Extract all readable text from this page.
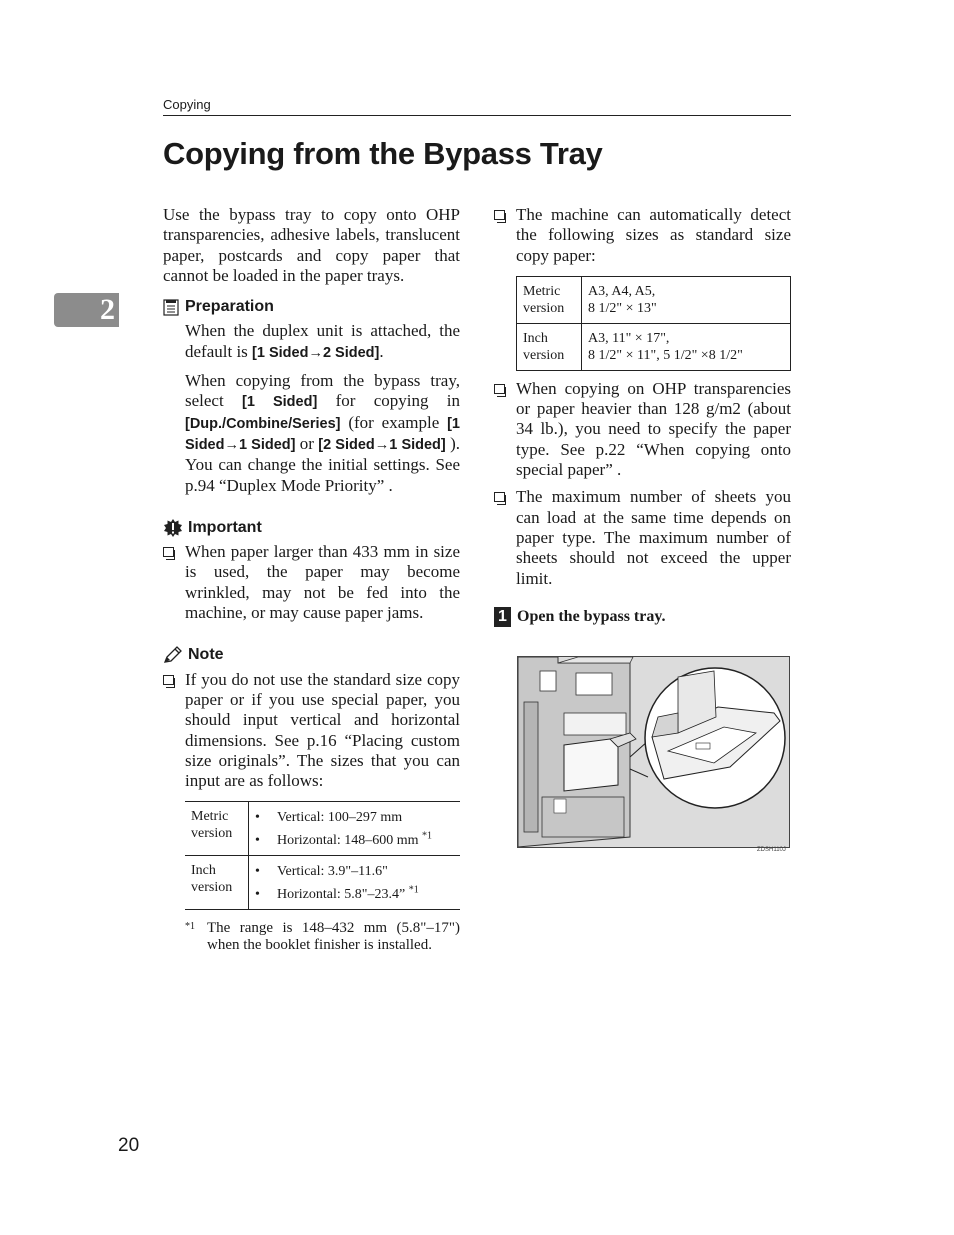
Copying
Copying from the Bypass Tray
2

Use the bypass tray to copy onto OHP transparencies, adhesive labels, translucent paper, postcards and copy paper that cannot be loaded in the paper trays.

Preparation

When the duplex unit is attached, the default is [1 Sided→2 Sided].

When copying from the bypass tray, select [1 Sided] for copying in [Dup./Combine/Series] (for example [1 Sided→1 Sided] or [2 Sided→1 Sided] ). You can change the initial settings. See p.94 “Duplex Mode Priority” .

Important
When paper larger than 433 mm in size is used, the paper may become wrinkled, may not be fed into the machine, or may cause paper jams.
Note
If you do not use the standard size copy paper or if you use special paper, you should input vertical and horizontal dimensions. See p.16 “Placing custom size originals”. The sizes that you can input are as follows:
Metric version	• Vertical: 100–297 mm
• Horizontal: 148–600 mm $^{*1}$

Inch version	• Vertical: 3.9"–11.6"
• Horizontal: 5.8"–23.4” $^{*1}$
*1 The range is 148–432 mm (5.8"–17") when the booklet finisher is installed.
The machine can automatically detect the following sizes as standard size copy paper:
Metric version	A3, A4, A5,
8 1/2" × 13"

Inch version	A3, 11" × 17",
8 1/2" × 11", 5 1/2" ×8 1/2"
When copying on OHP transparencies or paper heavier than 128 g/m2 (about 34 lb.), you need to specify the paper type. See p.22 “When copying onto special paper” .
The maximum number of sheets you can load at the same time depends on paper type. The maximum number of sheets should not exceed the upper limit.
1 Open the bypass tray.
ZDSH110J
20
